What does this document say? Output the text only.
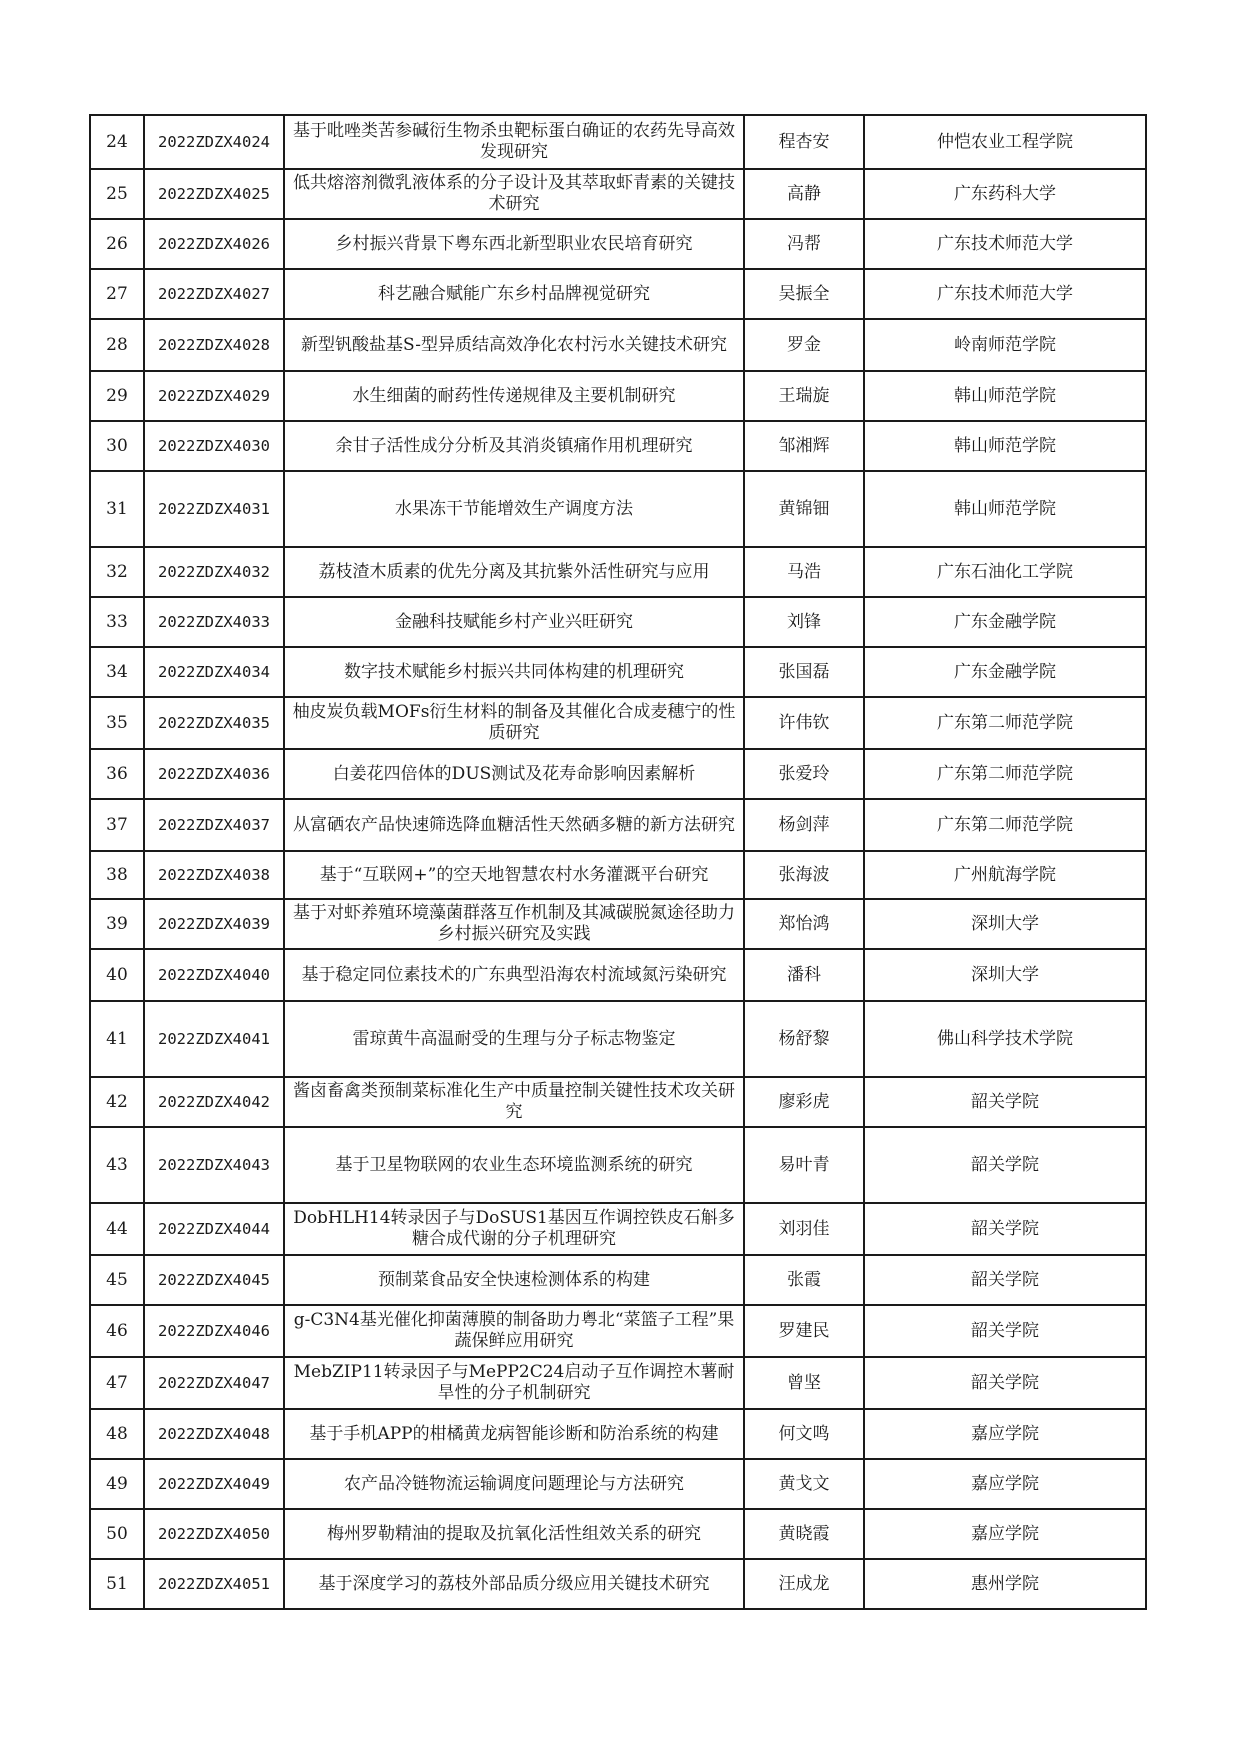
24	2022ZDZX4024	基于吡唑类苦参碱衍生物杀虫靶标蛋白确证的农药先导高效发现研究	程杏安	仲恺农业工程学院
25	2022ZDZX4025	低共熔溶剂微乳液体系的分子设计及其萃取虾青素的关键技术研究	高静	广东药科大学
26	2022ZDZX4026	乡村振兴背景下粤东西北新型职业农民培育研究	冯帮	广东技术师范大学
27	2022ZDZX4027	科艺融合赋能广东乡村品牌视觉研究	吴振全	广东技术师范大学
28	2022ZDZX4028	新型钒酸盐基S-型异质结高效净化农村污水关键技术研究	罗金	岭南师范学院
29	2022ZDZX4029	水生细菌的耐药性传递规律及主要机制研究	王瑞旋	韩山师范学院
30	2022ZDZX4030	余甘子活性成分分析及其消炎镇痛作用机理研究	邹湘辉	韩山师范学院
31	2022ZDZX4031	水果冻干节能增效生产调度方法	黄锦钿	韩山师范学院
32	2022ZDZX4032	荔枝渣木质素的优先分离及其抗紫外活性研究与应用	马浩	广东石油化工学院
33	2022ZDZX4033	金融科技赋能乡村产业兴旺研究	刘锋	广东金融学院
34	2022ZDZX4034	数字技术赋能乡村振兴共同体构建的机理研究	张国磊	广东金融学院
35	2022ZDZX4035	柚皮炭负载MOFs衍生材料的制备及其催化合成麦穗宁的性质研究	许伟钦	广东第二师范学院
36	2022ZDZX4036	白姜花四倍体的DUS测试及花寿命影响因素解析	张爱玲	广东第二师范学院
37	2022ZDZX4037	从富硒农产品快速筛选降血糖活性天然硒多糖的新方法研究	杨剑萍	广东第二师范学院
38	2022ZDZX4038	基于“互联网+”的空天地智慧农村水务灌溉平台研究	张海波	广州航海学院
39	2022ZDZX4039	基于对虾养殖环境藻菌群落互作机制及其减碳脱氮途径助力乡村振兴研究及实践	郑怡鸿	深圳大学
40	2022ZDZX4040	基于稳定同位素技术的广东典型沿海农村流域氮污染研究	潘科	深圳大学
41	2022ZDZX4041	雷琼黄牛高温耐受的生理与分子标志物鉴定	杨舒黎	佛山科学技术学院
42	2022ZDZX4042	酱卤畜禽类预制菜标准化生产中质量控制关键性技术攻关研究	廖彩虎	韶关学院
43	2022ZDZX4043	基于卫星物联网的农业生态环境监测系统的研究	易叶青	韶关学院
44	2022ZDZX4044	DobHLH14转录因子与DoSUS1基因互作调控铁皮石斛多糖合成代谢的分子机理研究	刘羽佳	韶关学院
45	2022ZDZX4045	预制菜食品安全快速检测体系的构建	张霞	韶关学院
46	2022ZDZX4046	g-C3N4基光催化抑菌薄膜的制备助力粤北“菜篮子工程”果蔬保鲜应用研究	罗建民	韶关学院
47	2022ZDZX4047	MebZIP11转录因子与MePP2C24启动子互作调控木薯耐旱性的分子机制研究	曾坚	韶关学院
48	2022ZDZX4048	基于手机APP的柑橘黄龙病智能诊断和防治系统的构建	何文鸣	嘉应学院
49	2022ZDZX4049	农产品冷链物流运输调度问题理论与方法研究	黄戈文	嘉应学院
50	2022ZDZX4050	梅州罗勒精油的提取及抗氧化活性组效关系的研究	黄晓霞	嘉应学院
51	2022ZDZX4051	基于深度学习的荔枝外部品质分级应用关键技术研究	汪成龙	惠州学院
